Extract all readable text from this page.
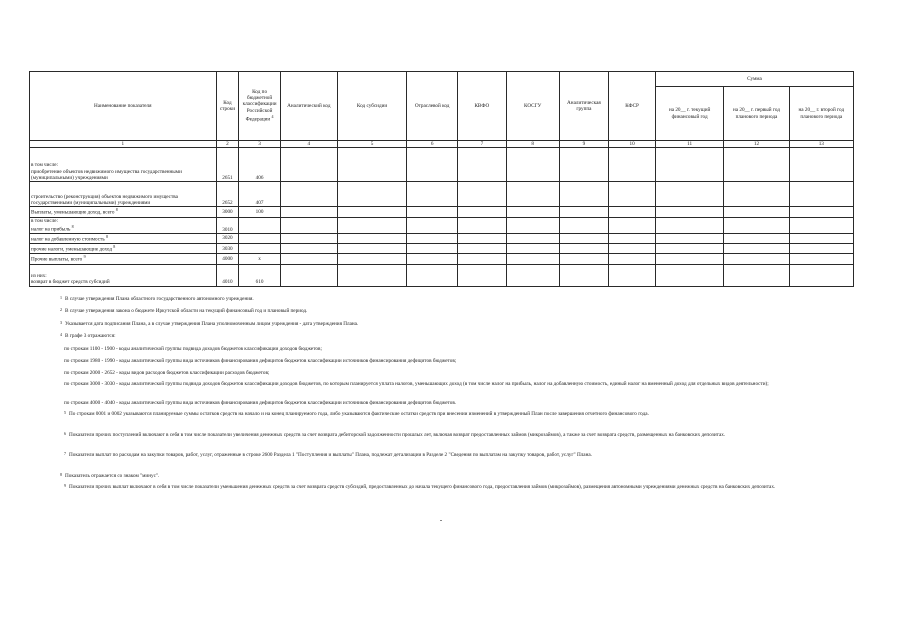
Наименование показателя	Код строки	Код по бюджетной классификации Российской Федерации $^4$	Аналитический код	Код субсидии	Отраслевой код	КВФО	КОСГУ	Аналитическая группа	КФСР	Сумма		
										на 20__ г. текущий финансовый год	на 20__ г. первый год планового периода	на 20__ г. второй год планового периода
1	2	3	4	5	6	7	8	9	10	11	12	13
в том числе:
приобретение объектов недвижимого имущества государственными (муниципальными) учреждениями	2651	406										
строительство (реконструкция) объектов недвижимого имущества государственными (муниципальными) учреждениями	2652	407										
Выплаты, уменьшающие доход, всего $^8$	3000	100										
в том числе:
налог на прибыль $^8$	3010											
налог на добавленную стоимость $^8$	3020											
прочие налоги, уменьшающие доход $^8$	3030											
Прочие выплаты, всего $^9$	4000	х										
из них:
возврат в бюджет средств субсидий	4010	610										
$^1$ В случае утверждения Плана областного государственного автономного учреждения.
$^2$ В случае утверждения закона о бюджете Иркутской области на текущий финансовый год и плановый период.
$^3$ Указывается дата подписания Плана, а в случае утверждения Плана уполномоченным лицом учреждения - дата утверждения Плана.
$^4$ В графе 3 отражаются:
по строкам 1100 - 1900 - коды аналитической группы подвида доходов бюджетов классификации доходов бюджетов;
по строкам 1980 - 1990 - коды аналитической группы вида источников финансирования дефицитов бюджетов классификации источников финансирования дефицитов бюджетов;
по строкам 2000 - 2652 - коды видов расходов бюджетов классификации расходов бюджетов;
по строкам 3000 - 3030 - коды аналитической группы подвида доходов бюджетов классификации доходов бюджетов, по которым планируется уплата налогов, уменьшающих доход (в том числе налог на прибыль, налог на добавленную стоимость, единый налог на вмененный доход для отдельных видов деятельности);
по строкам 4000 - 4040 - коды аналитической группы вида источников финансирования дефицитов бюджетов классификации источников финансирования дефицитов бюджетов.
$^5$ По строкам 0001 и 0002 указываются планируемые суммы остатков средств на начало и на конец планируемого года, либо указываются фактические остатки средств при внесении изменений в утвержденный План после завершения отчетного финансового года.
$^6$ Показатели прочих поступлений включают в себя в том числе показатели увеличения денежных средств за счет возврата дебиторской задолженности прошлых лет, включая возврат предоставленных займов (микрозаймов), а также за счет возврата средств, размещенных на банковских депозитах.
$^7$ Показатели выплат по расходам на закупки товаров, работ, услуг, отраженные в строке 2600 Раздела 1 "Поступления и выплаты" Плана, подлежат детализации в Разделе 2 "Сведения по выплатам на закупку товаров, работ, услуг" Плана.
$^8$ Показатель отражается со знаком "минус".
$^9$ Показатели прочих выплат включают в себя в том числе показатели уменьшения денежных средств за счет возврата средств субсидий, предоставленных до начала текущего финансового года, предоставления займов (микрозаймов), размещения автономными учреждениями денежных средств на банковских депозитах.
